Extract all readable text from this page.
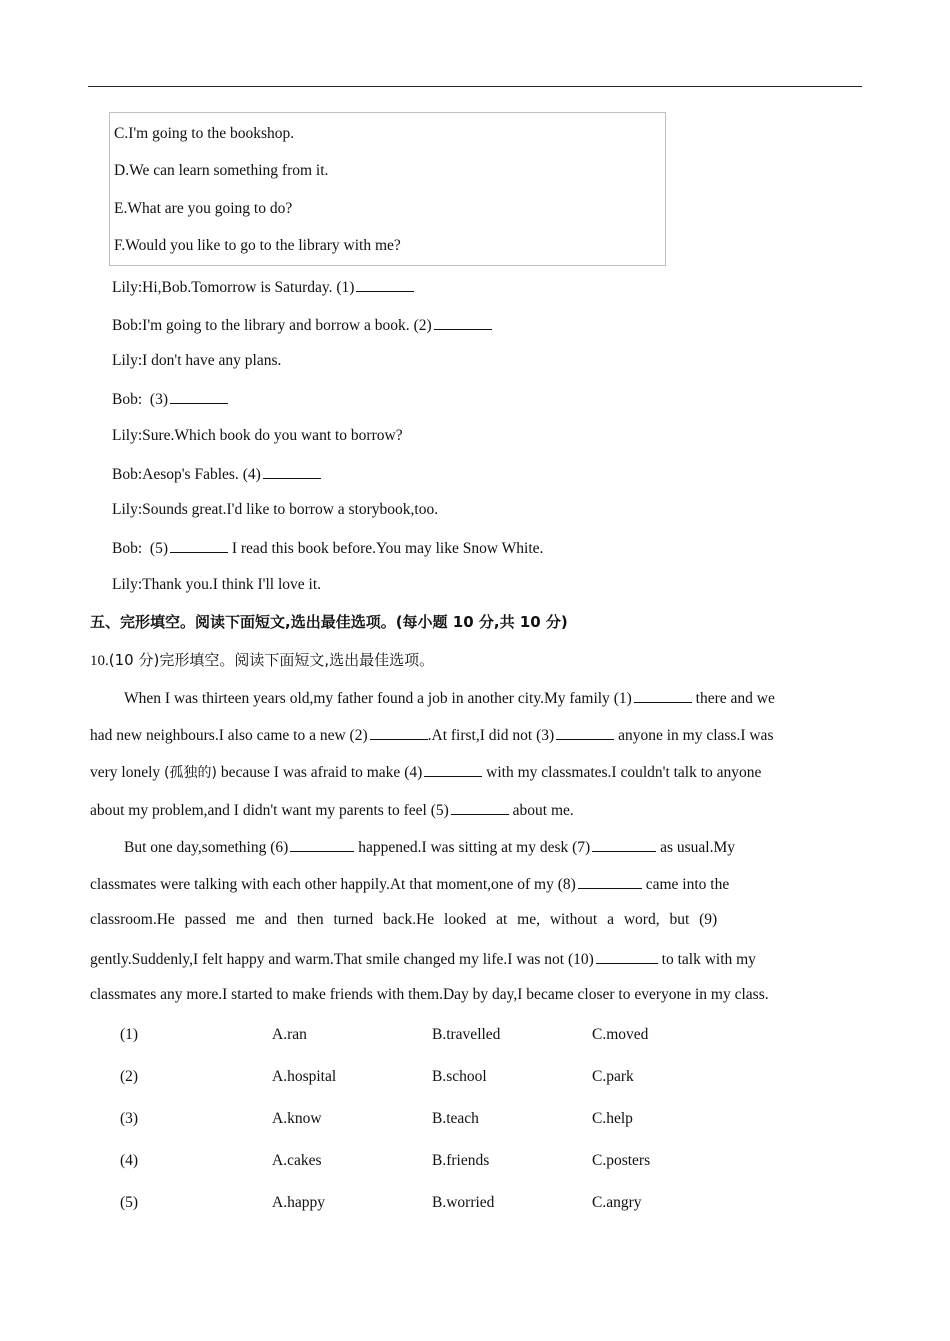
C.I'm going to the bookshop.
D.We can learn something from it.
E.What are you going to do?
F.Would you like to go to the library with me?
Lily:Hi,Bob.Tomorrow is Saturday. (1)
Bob:I'm going to the library and borrow a book. (2)
Lily:I don't have any plans.
Bob: (3)
Lily:Sure.Which book do you want to borrow?
Bob:Aesop's Fables. (4)
Lily:Sounds great.I'd like to borrow a storybook,too.
Bob: (5)	I read this book before.You may like Snow White.
Lily:Thank you.I think I'll love it.
五、完形填空。阅读下面短文,选出最佳选项。(每小题 10 分,共 10 分)
10.(10 分)完形填空。阅读下面短文,选出最佳选项。
When I was thirteen years old,my father found a job in another city.My family (1)	there and we
had new neighbours.I also came to a new (2)	.At first,I did not (3)	anyone in my class.I was
very lonely (孤独的) because I was afraid to make (4)	with my classmates.I couldn't talk to anyone
about my problem,and I didn't want my parents to feel (5)	about me.
But one day,something (6)	happened.I was sitting at my desk (7)	as usual.My
classmates were talking with each other happily.At that moment,one of my (8)	came into the
classroom.He passed me and then turned back.He looked at me, without a word, but (9)
gently.Suddenly,I felt happy and warm.That smile changed my life.I was not (10)	to talk with my
classmates any more.I started to make friends with them.Day by day,I became closer to everyone in my class.
(1)	A.ran	B.travelled	C.moved
(2)	A.hospital	B.school	C.park
(3)	A.know	B.teach	C.help
(4)	A.cakes	B.friends	C.posters
(5)	A.happy	B.worried	C.angry
